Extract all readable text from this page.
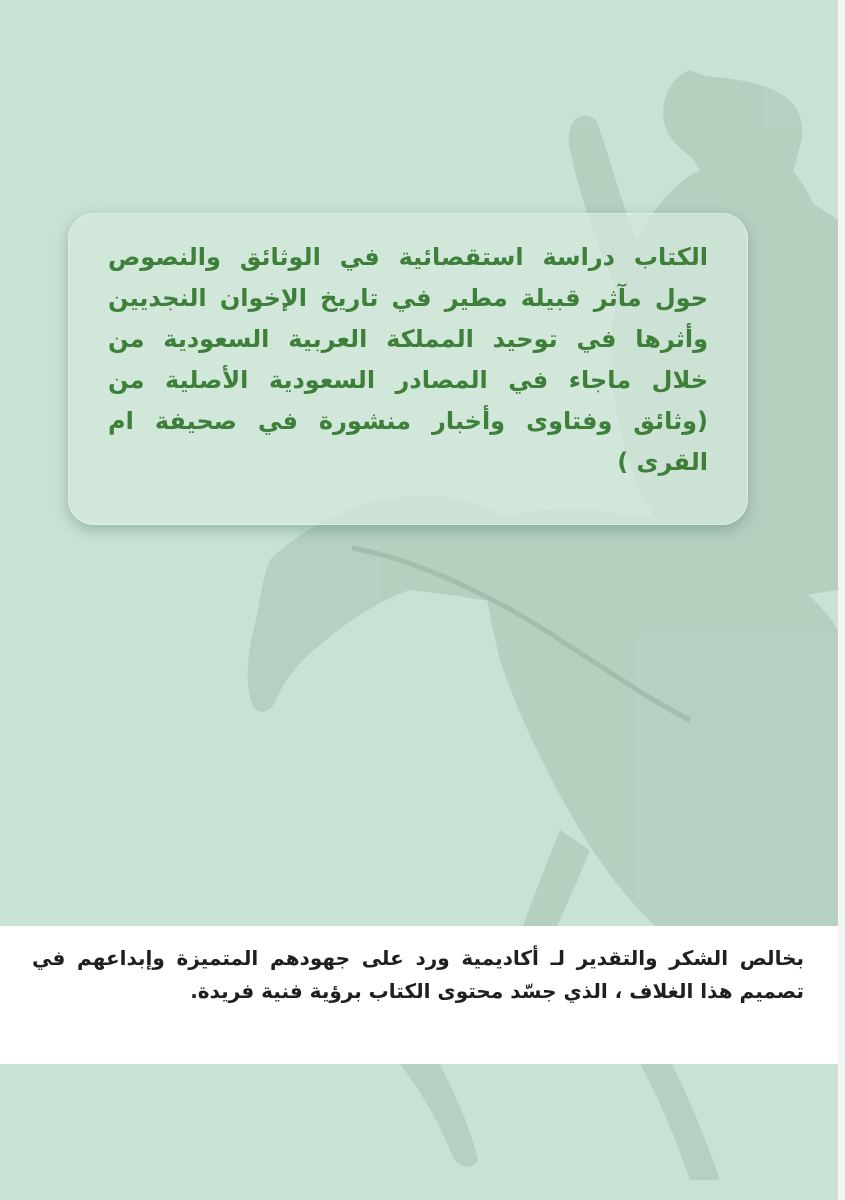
الكتاب دراسة استقصائية في الوثائق والنصوص حول مآثر قبيلة مطير في تاريخ الإخوان النجديين وأثرها في توحيد المملكة العربية السعودية من خلال ماجاء في المصادر السعودية الأصلية من (وثائق وفتاوى وأخبار منشورة في صحيفة ام القرى )

بخالص الشكر والتقدير لـ أكاديمية ورد على جهودهم المتميزة وإبداعهم في تصميم هذا الغلاف ، الذي جسّد محتوى الكتاب برؤية فنية فريدة.
